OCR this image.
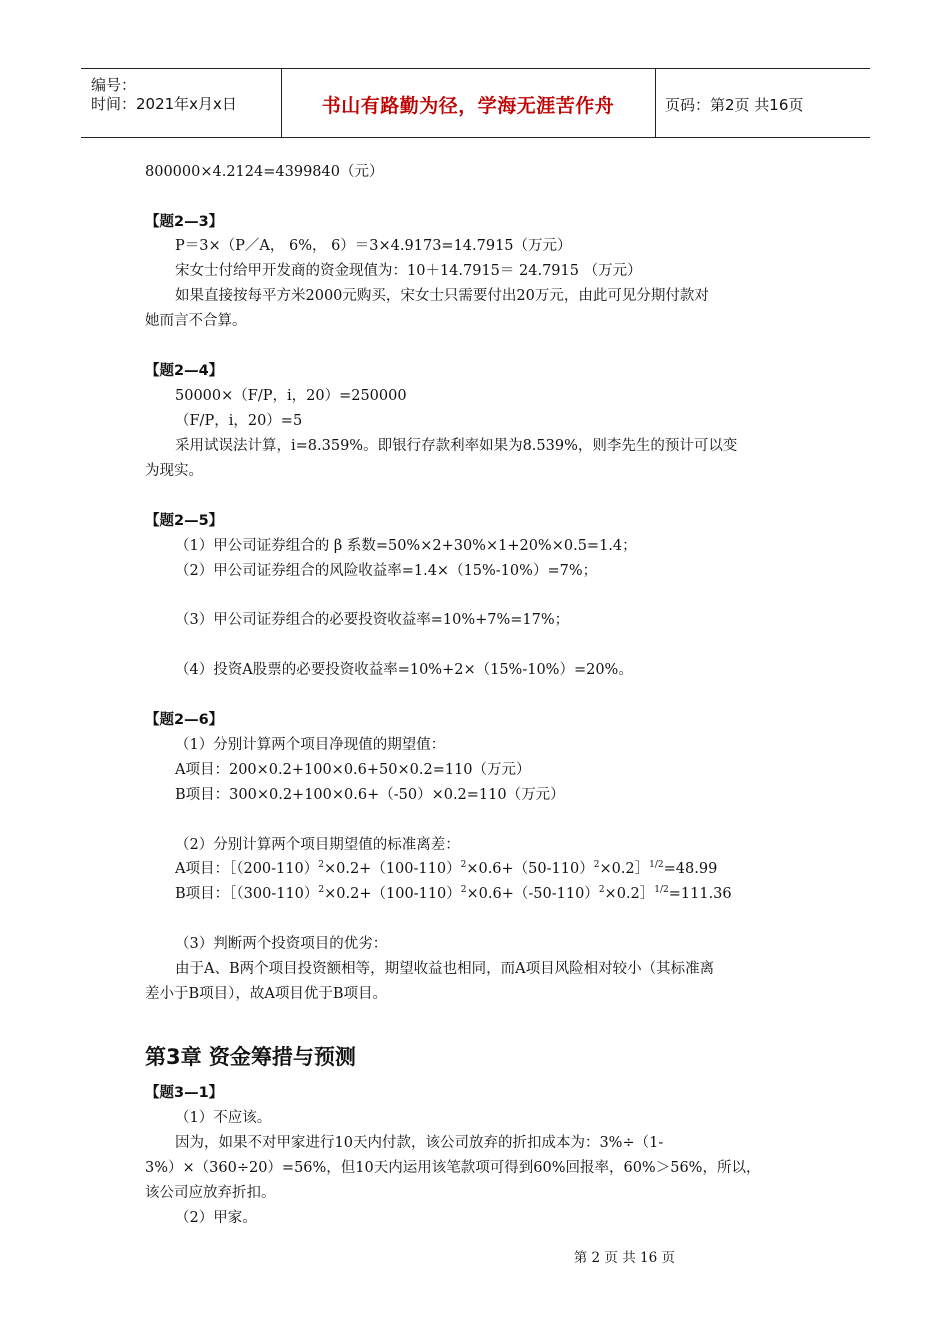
编号：
时间：2021年x月x日	书山有路勤为径，学海无涯苦作舟	页码：第2页 共16页
800000×4.2124=4399840（元）
【题2—3】
P＝3×（P／A， 6%， 6）＝3×4.9173=14.7915（万元）
宋女士付给甲开发商的资金现值为：10＋14.7915＝ 24.7915 （万元）
如果直接按每平方米2000元购买，宋女士只需要付出20万元，由此可见分期付款对
她而言不合算。
【题2—4】
50000×（F/P，i，20）=250000
（F/P，i，20）=5
采用试误法计算，i=8.359%。即银行存款利率如果为8.539%，则李先生的预计可以变
为现实。
【题2—5】
（1）甲公司证券组合的 β 系数=50%×2+30%×1+20%×0.5=1.4；
（2）甲公司证券组合的风险收益率=1.4×（15%-10%）=7%；
（3）甲公司证券组合的必要投资收益率=10%+7%=17%；
（4）投资A股票的必要投资收益率=10%+2×（15%-10%）=20%。
【题2—6】
（1）分别计算两个项目净现值的期望值：
A项目：200×0.2+100×0.6+50×0.2=110（万元）
B项目：300×0.2+100×0.6+（-50）×0.2=110（万元）
（2）分别计算两个项目期望值的标准离差：
A项目：$[(200-110)^2\times 0.2+(100-110)^2\times 0.6+(50-110)^2\times 0.2]^{1/2}=48.99$
B项目：$[(300-110)^2\times 0.2+(100-110)^2\times 0.6+(-50-110)^2\times 0.2]^{1/2}=111.36$
（3）判断两个投资项目的优劣：
由于A、B两个项目投资额相等，期望收益也相同，而A项目风险相对较小（其标准离
差小于B项目），故A项目优于B项目。
第3章 资金筹措与预测
【题3—1】
（1）不应该。
因为，如果不对甲家进行10天内付款，该公司放弃的折扣成本为：3%÷（1-
3%）×（360÷20）=56%，但10天内运用该笔款项可得到60%回报率，60%＞56%，所以，
该公司应放弃折扣。
（2）甲家。
第 2 页 共 16 页
